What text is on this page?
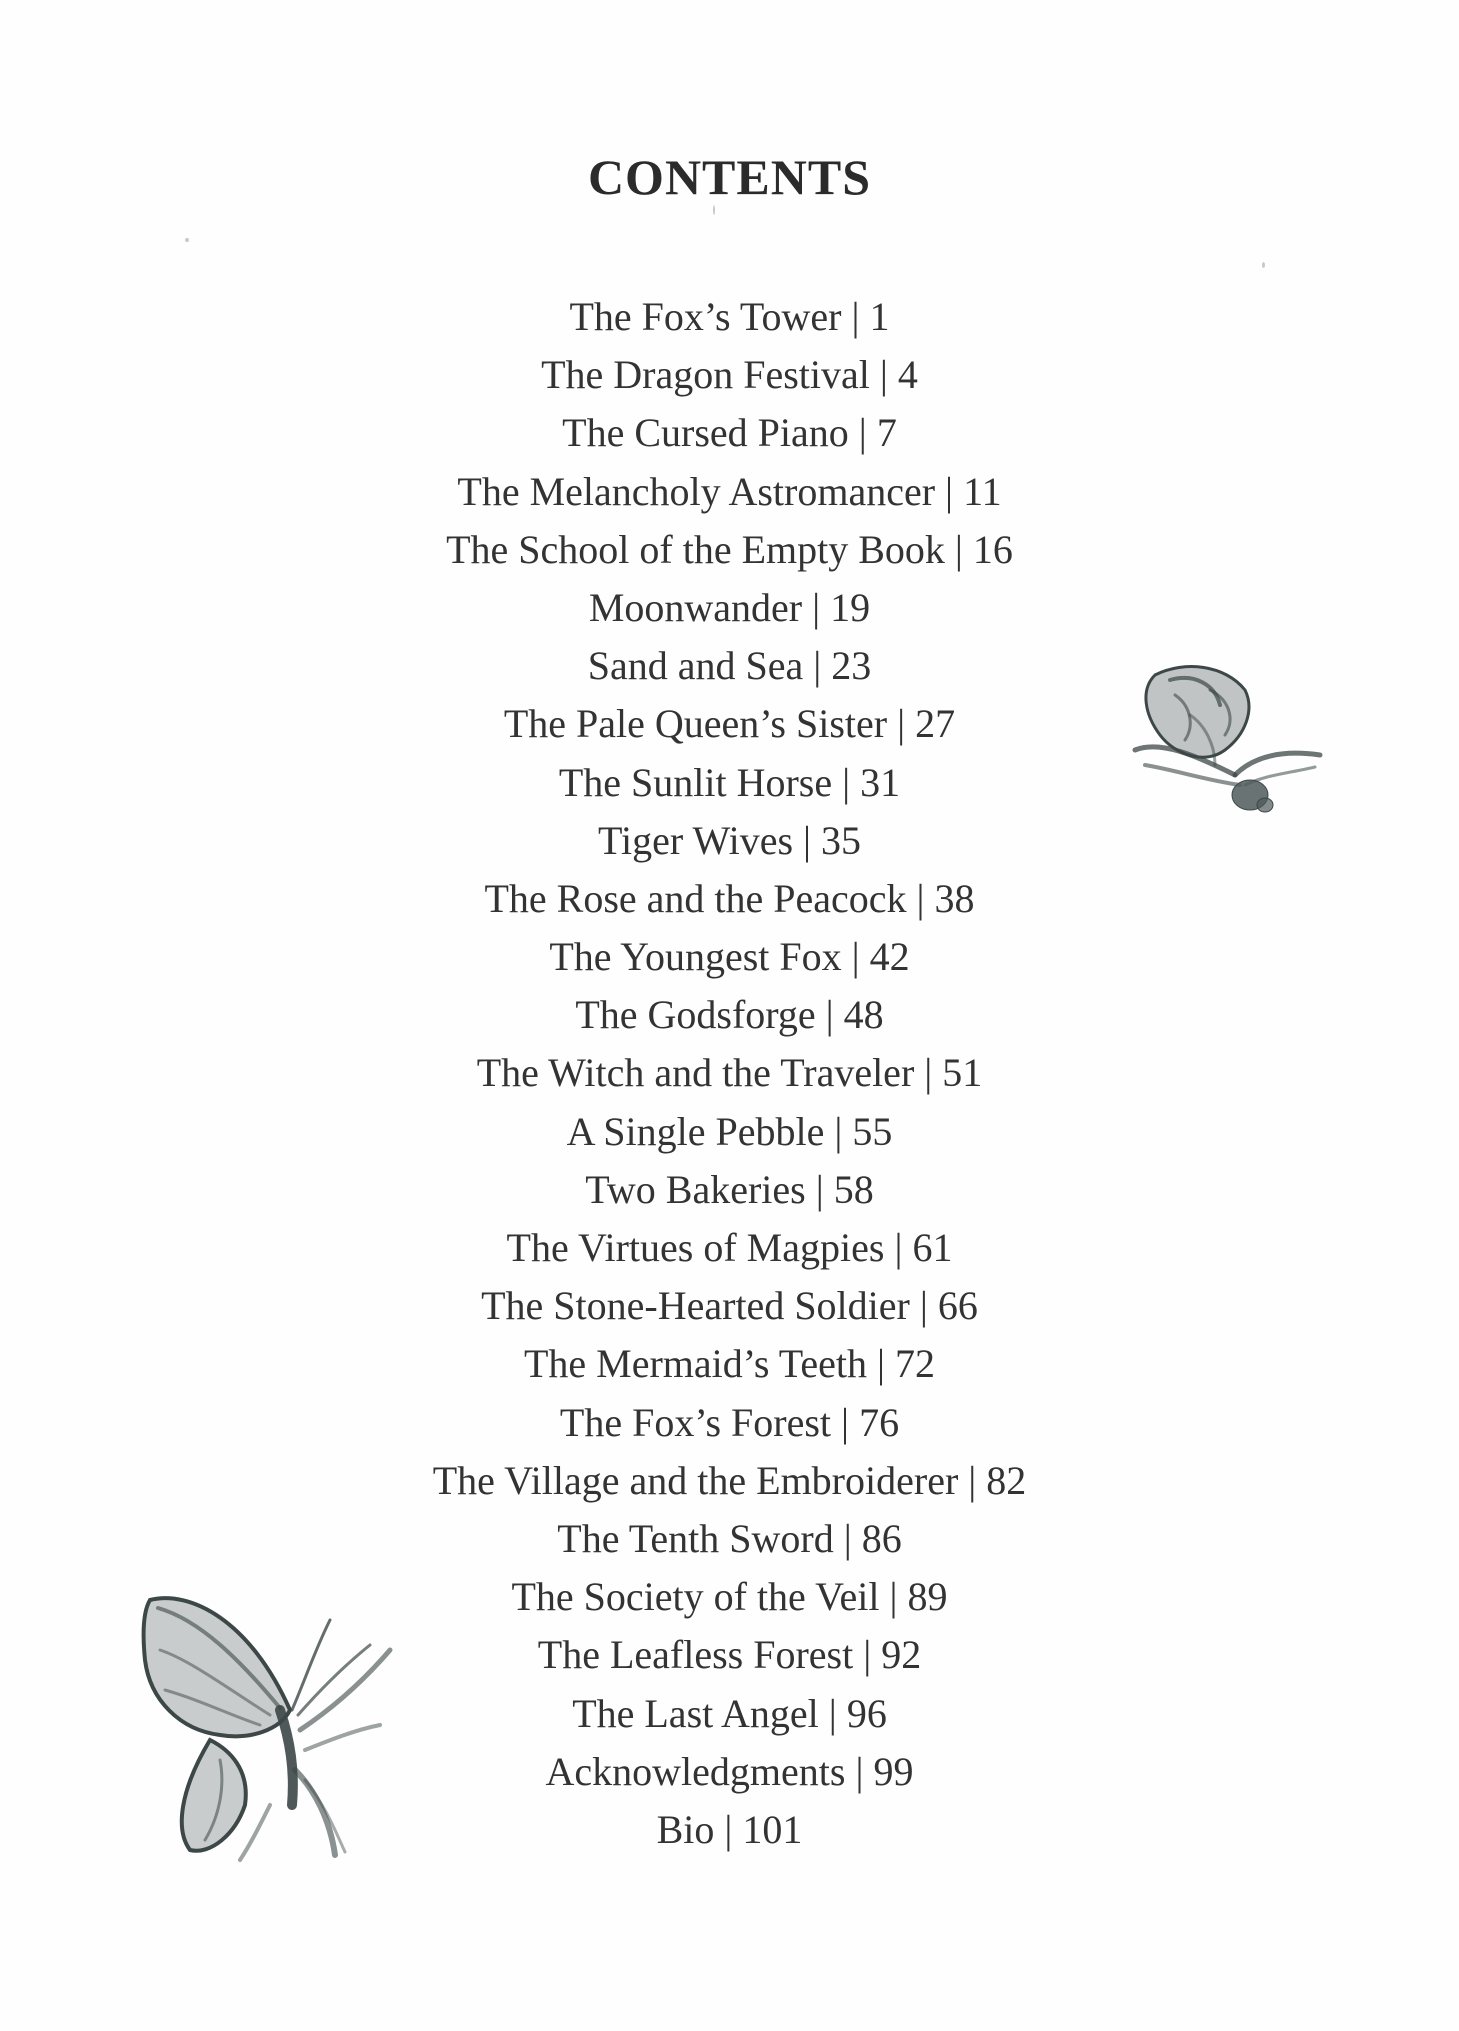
CONTENTS
The Fox’s Tower | 1
The Dragon Festival | 4
The Cursed Piano | 7
The Melancholy Astromancer | 11
The School of the Empty Book | 16
Moonwander | 19
Sand and Sea | 23
The Pale Queen’s Sister | 27
The Sunlit Horse | 31
Tiger Wives | 35
The Rose and the Peacock | 38
The Youngest Fox | 42
The Godsforge | 48
The Witch and the Traveler | 51
A Single Pebble | 55
Two Bakeries | 58
The Virtues of Magpies | 61
The Stone-Hearted Soldier | 66
The Mermaid’s Teeth | 72
The Fox’s Forest | 76
The Village and the Embroiderer | 82
The Tenth Sword | 86
The Society of the Veil | 89
The Leafless Forest | 92
The Last Angel | 96
Acknowledgments | 99
Bio | 101
